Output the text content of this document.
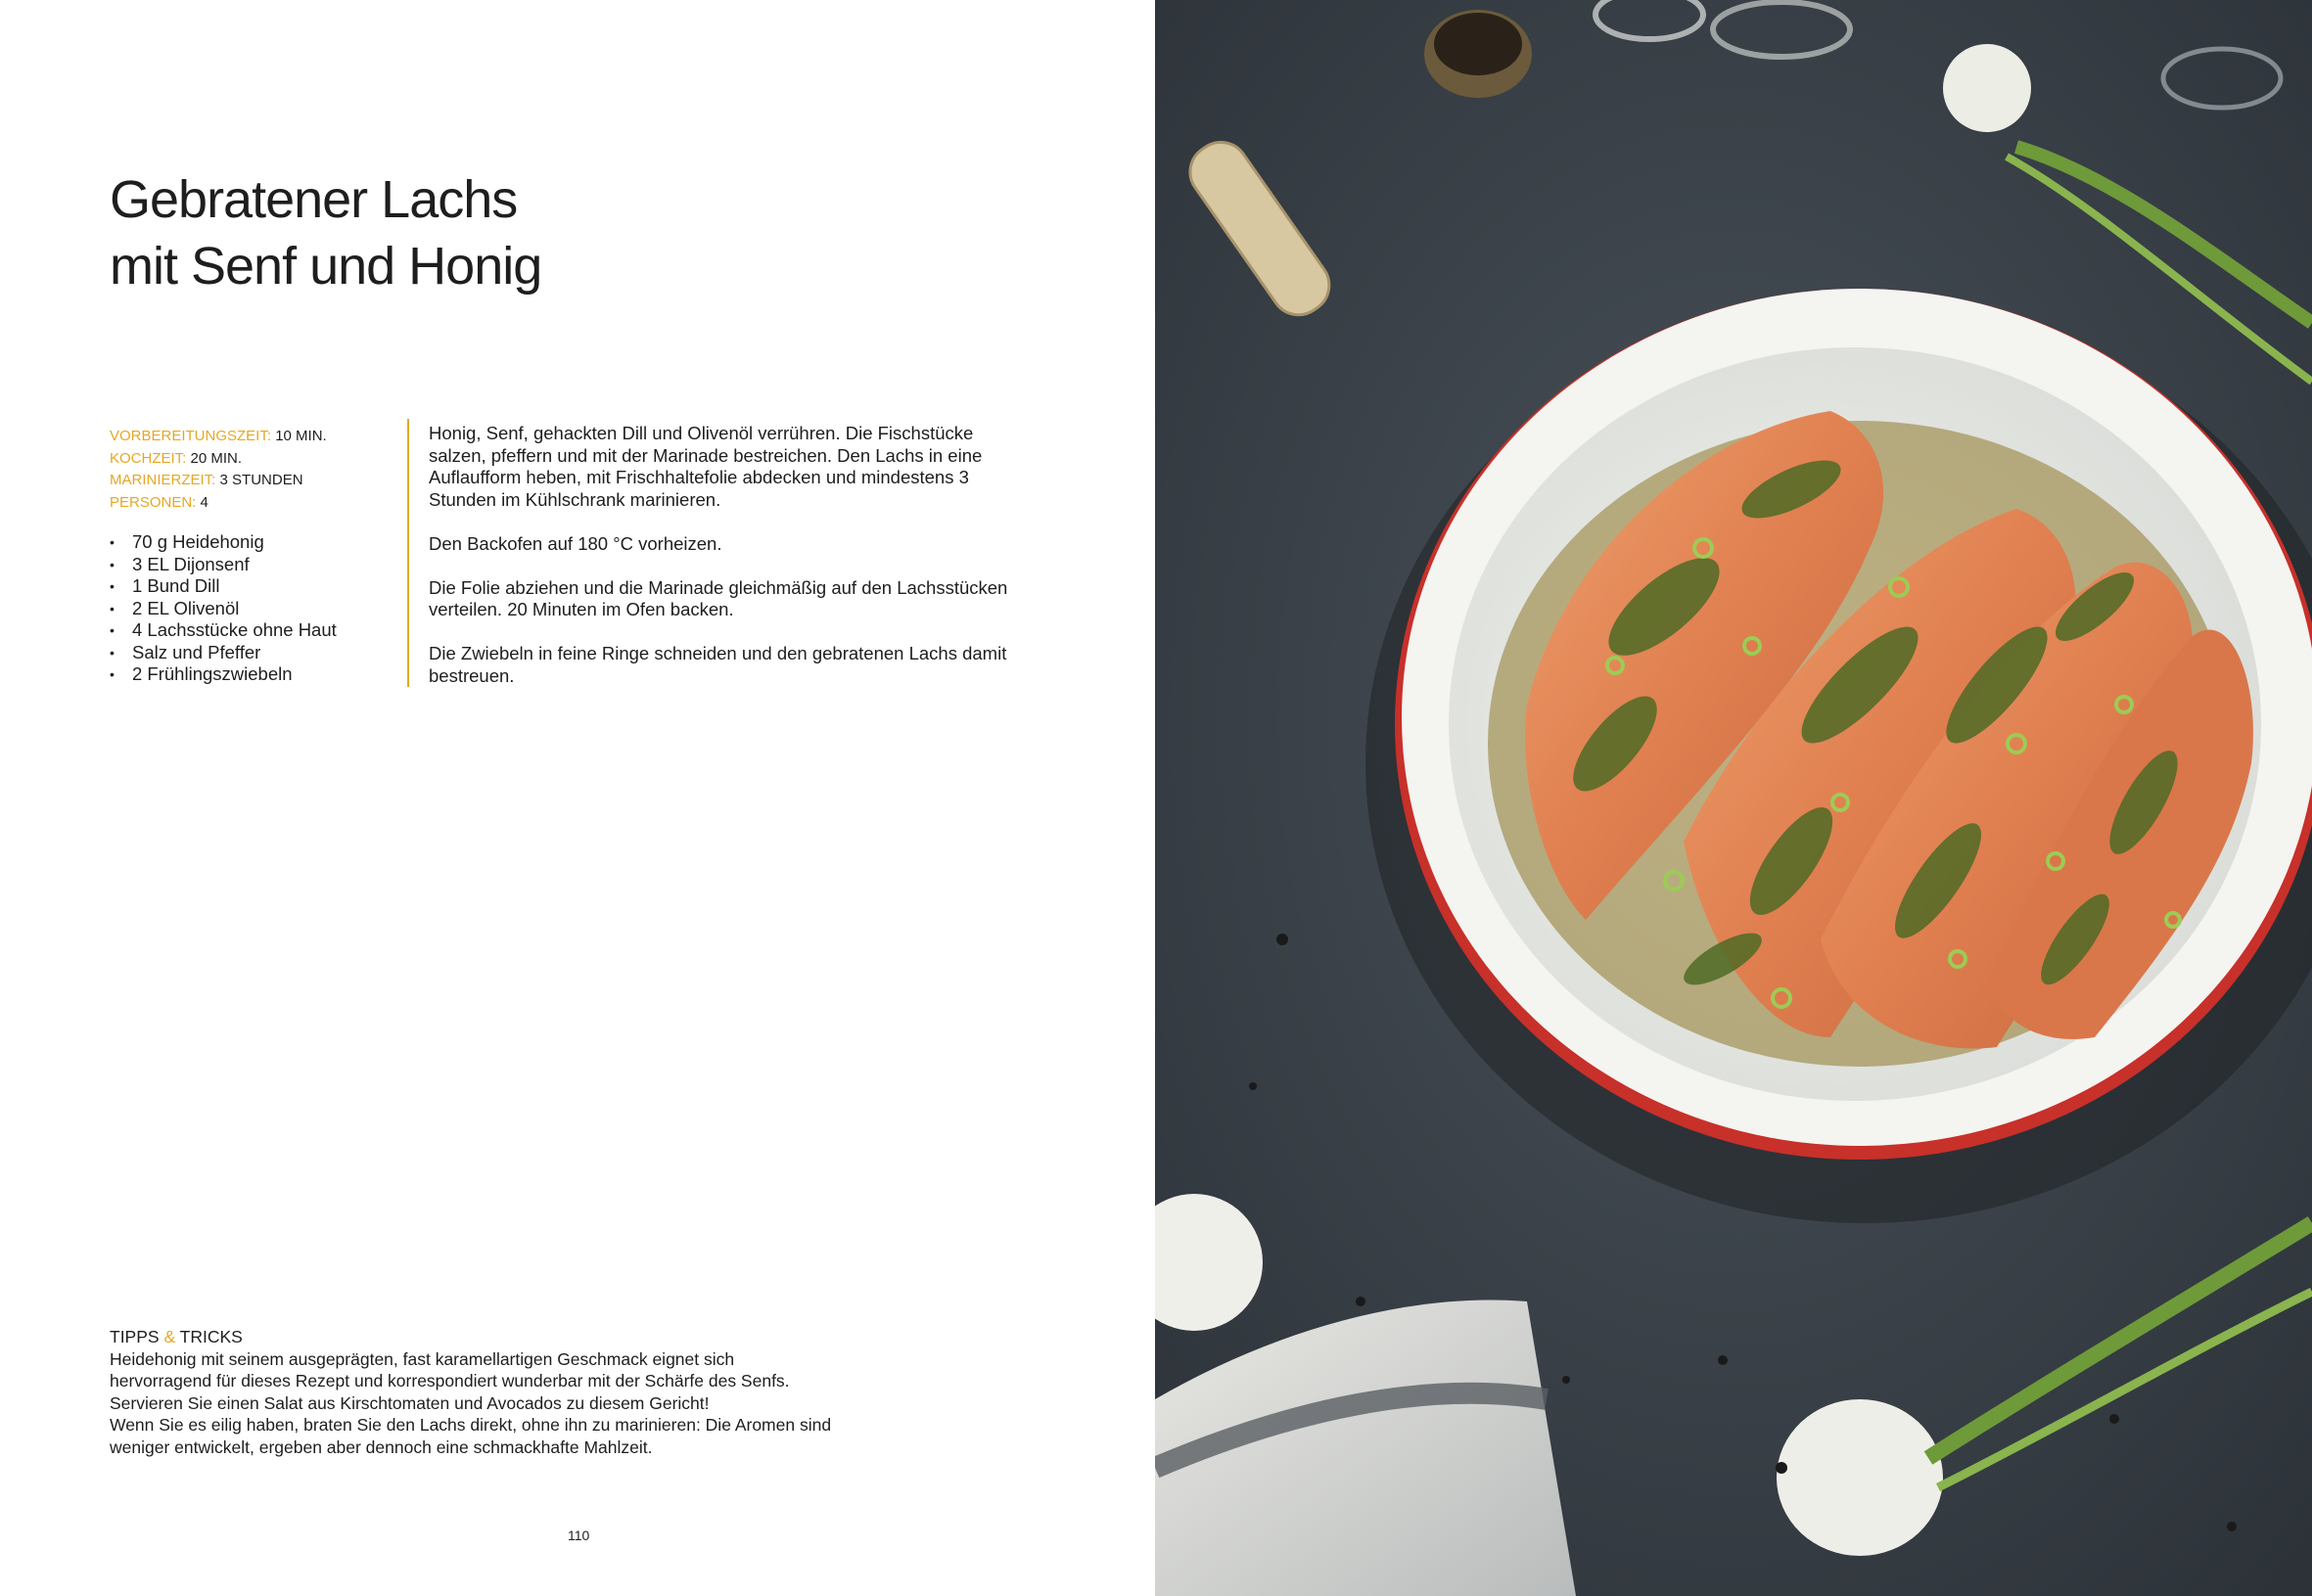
Gebratener Lachs
mit Senf und Honig
VORBEREITUNGSZEIT: 10 MIN.
KOCHZEIT: 20 MIN.
MARINIERZEIT: 3 STUNDEN
PERSONEN: 4
• 70 g Heidehonig
• 3 EL Dijonsenf
• 1 Bund Dill
• 2 EL Olivenöl
• 4 Lachsstücke ohne Haut
• Salz und Pfeffer
• 2 Frühlingszwiebeln

Honig, Senf, gehackten Dill und Olivenöl verrühren. Die Fischstücke salzen, pfeffern und mit der Marinade bestreichen. Den Lachs in eine Auflaufform heben, mit Frischhaltefolie abdecken und mindestens 3 Stunden im Kühlschrank marinieren.

Den Backofen auf 180 °C vorheizen.

Die Folie abziehen und die Marinade gleichmäßig auf den Lachsstücken verteilen. 20 Minuten im Ofen backen.

Die Zwiebeln in feine Ringe schneiden und den gebratenen Lachs damit bestreuen.

TIPPS & TRICKS

Heidehonig mit seinem ausgeprägten, fast karamellartigen Geschmack eignet sich hervorragend für dieses Rezept und korrespondiert wunderbar mit der Schärfe des Senfs. Servieren Sie einen Salat aus Kirschtomaten und Avocados zu diesem Gericht!

Wenn Sie es eilig haben, braten Sie den Lachs direkt, ohne ihn zu marinieren: Die Aromen sind weniger entwickelt, ergeben aber dennoch eine schmackhafte Mahlzeit.

110
